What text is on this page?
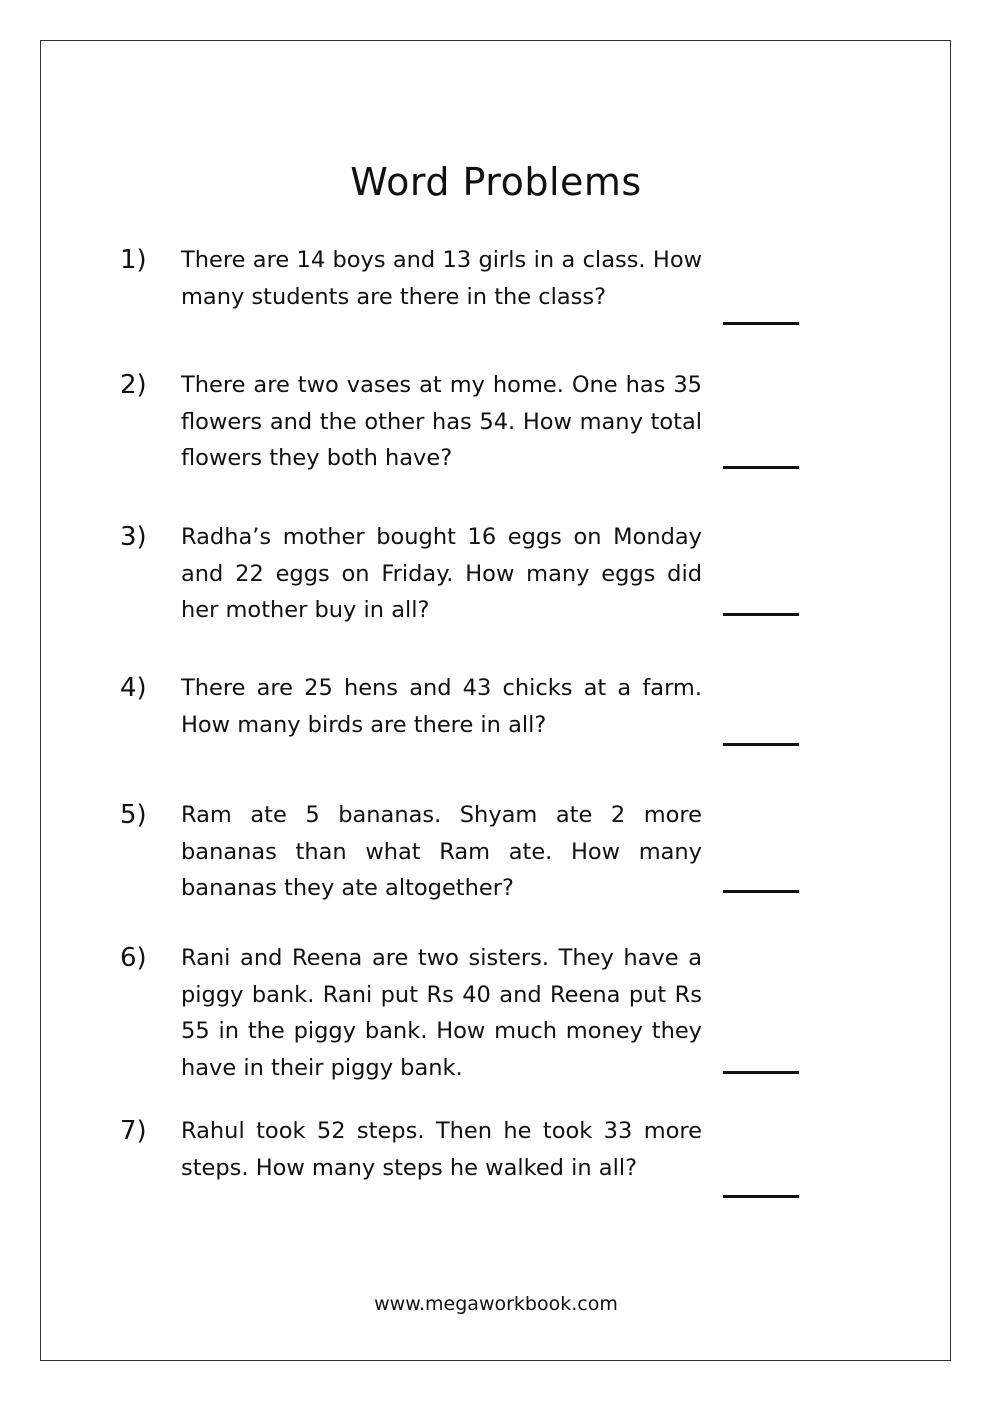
Word Problems
1) There are 14 boys and 13 girls in a class. How many students are there in the class?

2) There are two vases at my home. One has 35 flowers and the other has 54. How many total flowers they both have?

3) Radha’s mother bought 16 eggs on Monday and 22 eggs on Friday. How many eggs did her mother buy in all?

4) There are 25 hens and 43 chicks at a farm. How many birds are there in all?

5) Ram ate 5 bananas. Shyam ate 2 more bananas than what Ram ate. How many bananas they ate altogether?

6) Rani and Reena are two sisters. They have a piggy bank. Rani put Rs 40 and Reena put Rs 55 in the piggy bank. How much money they have in their piggy bank.

7) Rahul took 52 steps. Then he took 33 more steps. How many steps he walked in all?

www.megaworkbook.com
